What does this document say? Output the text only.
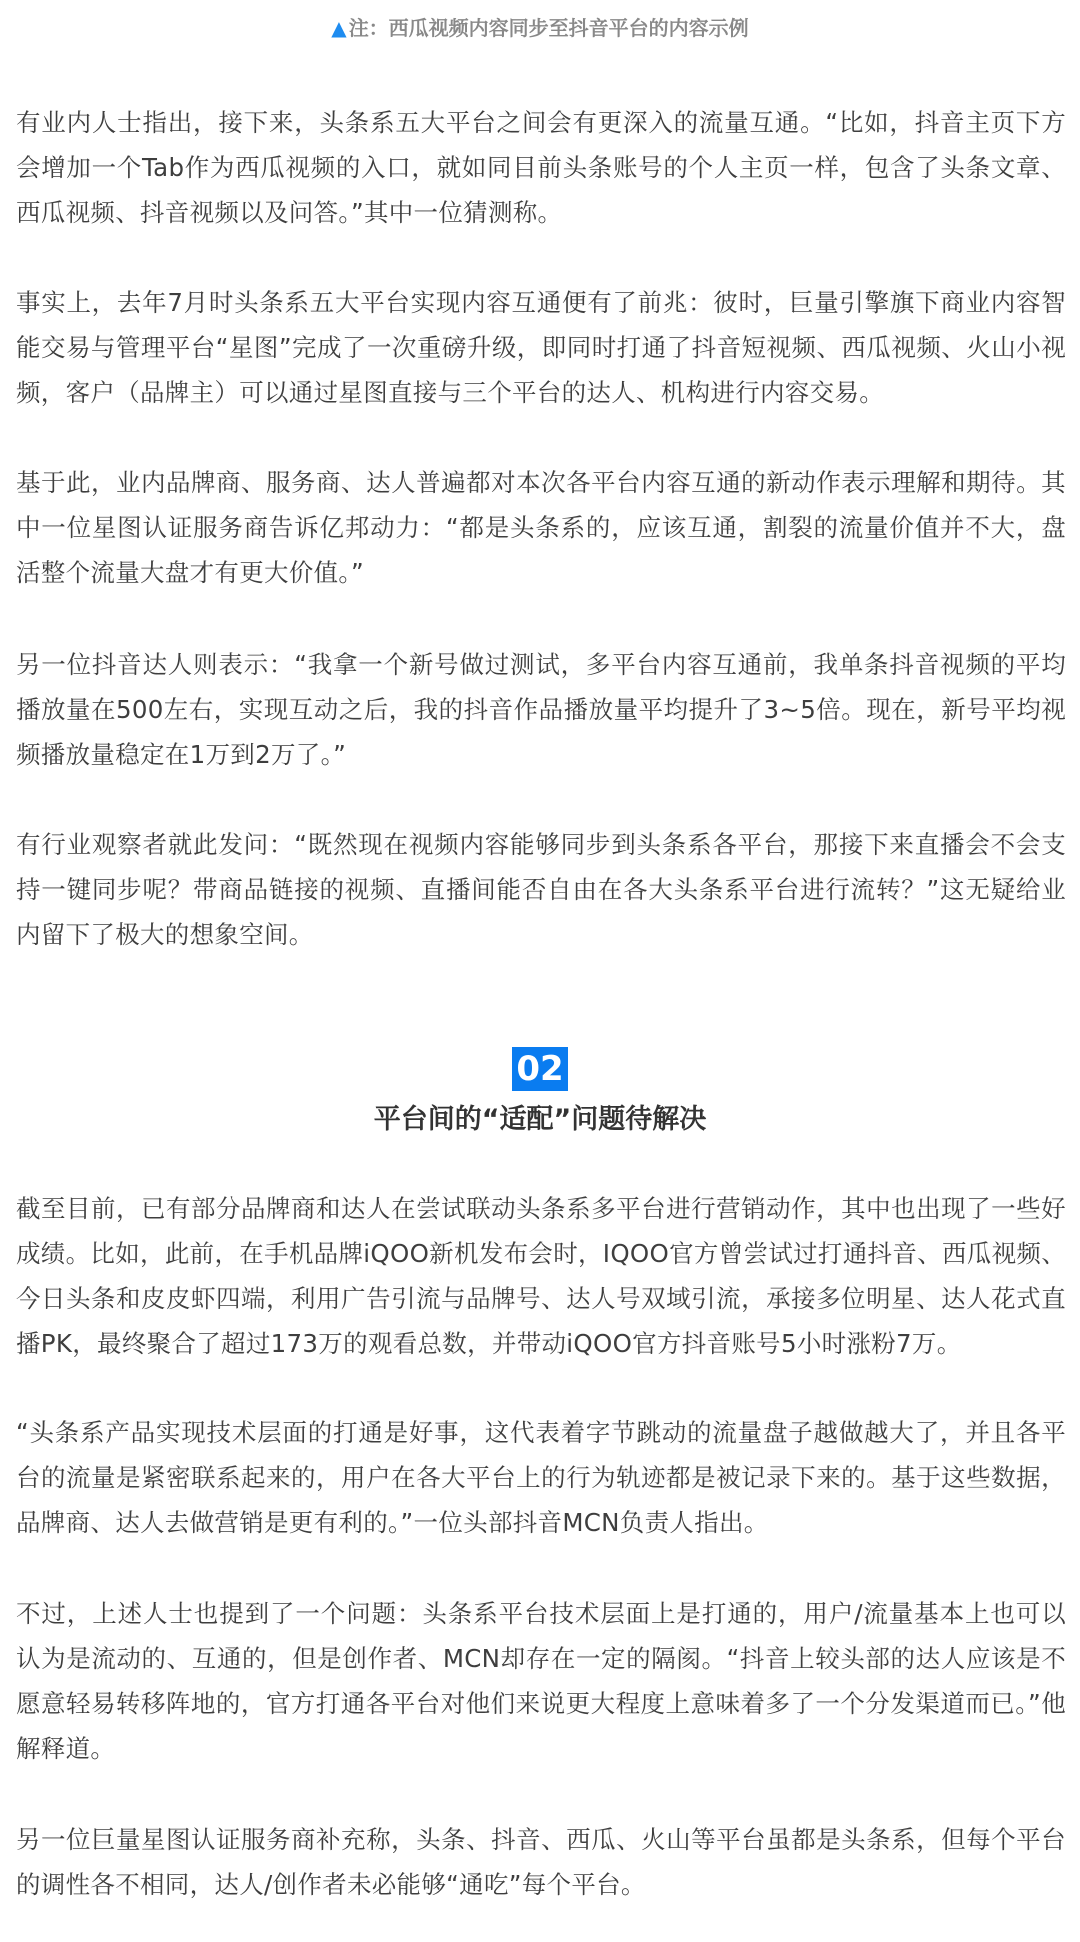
▲ 注：西瓜视频内容同步至抖音平台的内容示例

有业内人士指出，接下来，头条系五大平台之间会有更深入的流量互通。“比如，抖音主页下方会增加一个Tab作为西瓜视频的入口，就如同目前头条账号的个人主页一样，包含了头条文章、西瓜视频、抖音视频以及问答。”其中一位猜测称。

事实上，去年7月时头条系五大平台实现内容互通便有了前兆：彼时，巨量引擎旗下商业内容智能交易与管理平台“星图”完成了一次重磅升级，即同时打通了抖音短视频、西瓜视频、火山小视频，客户（品牌主）可以通过星图直接与三个平台的达人、机构进行内容交易。

基于此，业内品牌商、服务商、达人普遍都对本次各平台内容互通的新动作表示理解和期待。其中一位星图认证服务商告诉亿邦动力：“都是头条系的，应该互通，割裂的流量价值并不大，盘活整个流量大盘才有更大价值。”

另一位抖音达人则表示：“我拿一个新号做过测试，多平台内容互通前，我单条抖音视频的平均播放量在500左右，实现互动之后，我的抖音作品播放量平均提升了3~5倍。现在，新号平均视频播放量稳定在1万到2万了。”

有行业观察者就此发问：“既然现在视频内容能够同步到头条系各平台，那接下来直播会不会支持一键同步呢？带商品链接的视频、直播间能否自由在各大头条系平台进行流转？”这无疑给业内留下了极大的想象空间。

02
平台间的“适配”问题待解决

截至目前，已有部分品牌商和达人在尝试联动头条系多平台进行营销动作，其中也出现了一些好成绩。比如，此前，在手机品牌iQOO新机发布会时，IQOO官方曾尝试过打通抖音、西瓜视频、今日头条和皮皮虾四端，利用广告引流与品牌号、达人号双域引流，承接多位明星、达人花式直播PK，最终聚合了超过173万的观看总数，并带动iQOO官方抖音账号5小时涨粉7万。

“头条系产品实现技术层面的打通是好事，这代表着字节跳动的流量盘子越做越大了，并且各平台的流量是紧密联系起来的，用户在各大平台上的行为轨迹都是被记录下来的。基于这些数据，品牌商、达人去做营销是更有利的。”一位头部抖音MCN负责人指出。

不过，上述人士也提到了一个问题：头条系平台技术层面上是打通的，用户/流量基本上也可以认为是流动的、互通的，但是创作者、MCN却存在一定的隔阂。“抖音上较头部的达人应该是不愿意轻易转移阵地的，官方打通各平台对他们来说更大程度上意味着多了一个分发渠道而已。”他解释道。

另一位巨量星图认证服务商补充称，头条、抖音、西瓜、火山等平台虽都是头条系，但每个平台的调性各不相同，达人/创作者未必能够“通吃”每个平台。
